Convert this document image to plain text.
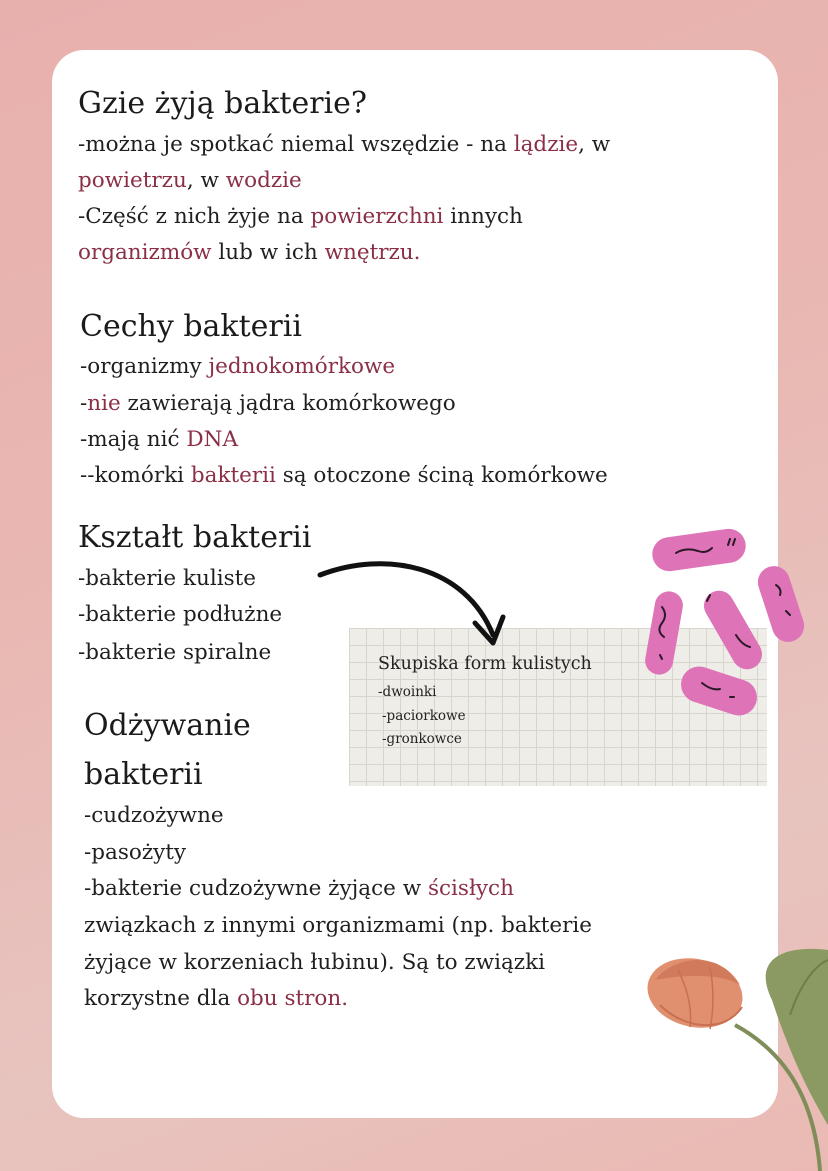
Gzie żyją bakterie?
-można je spotkać niemal wszędzie - na lądzie, w
powietrzu, w wodzie
-Część z nich żyje na powierzchni innych
organizmów lub w ich wnętrzu.
Cechy bakterii
-organizmy jednokomórkowe
-nie zawierają jądra komórkowego
-mają nić DNA
--komórki bakterii są otoczone ściną komórkowe
Kształt bakterii
-bakterie kuliste
-bakterie podłużne
-bakterie spiralne	Skupiska form kulistych
-dwoinki
-paciorkowe
-gronkowce
Odżywanie
bakterii
-cudzożywne
-pasożyty
-bakterie cudzożywne żyjące w ścisłych
związkach z innymi organizmami (np. bakterie
żyjące w korzeniach łubinu). Są to związki
korzystne dla obu stron.
